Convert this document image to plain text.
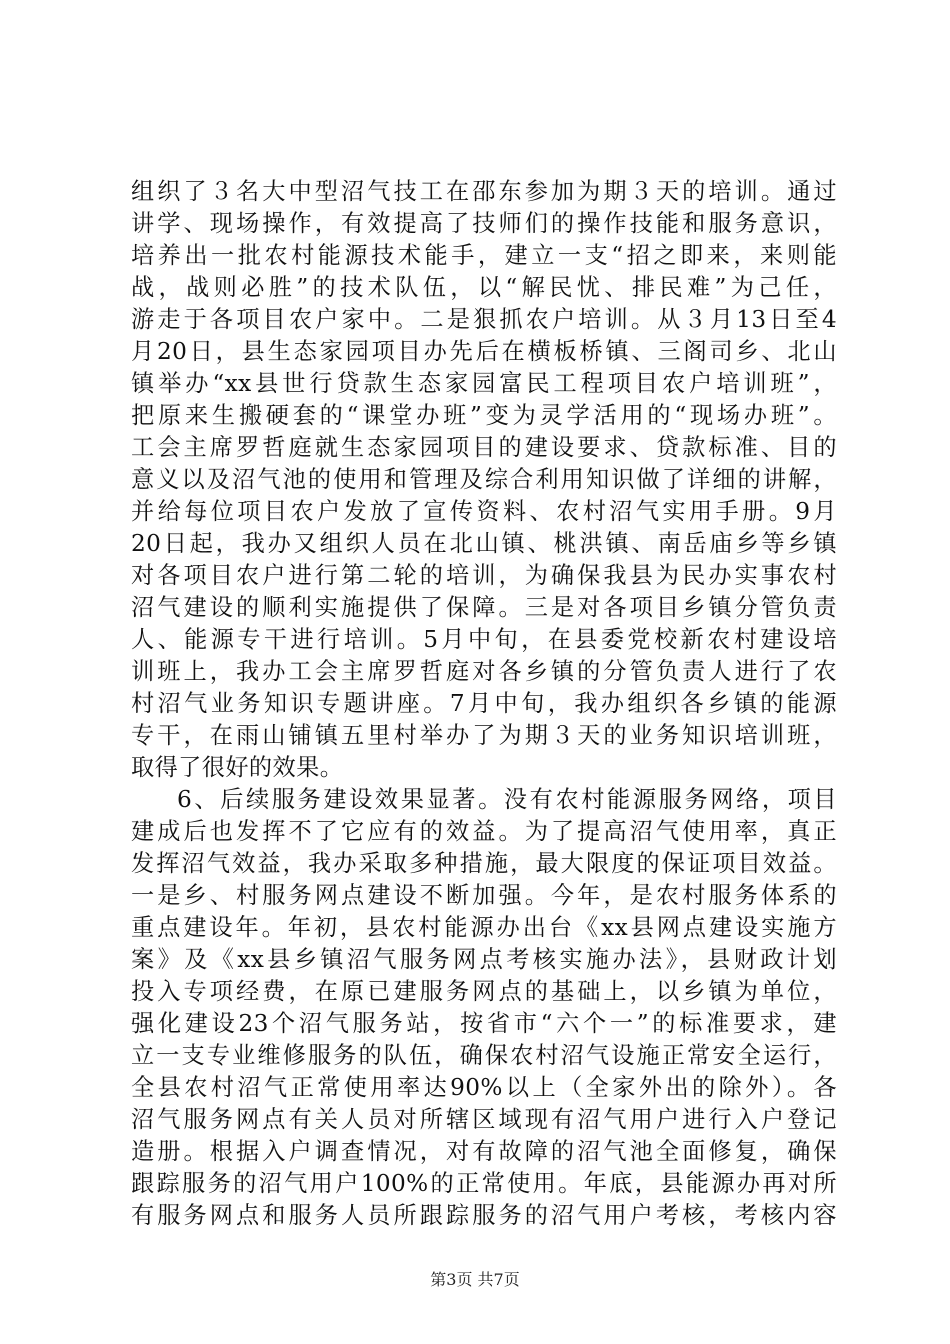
组织了３名大中型沼气技工在邵东参加为期３天的培训。通过
讲学、现场操作，有效提高了技师们的操作技能和服务意识，
培养出一批农村能源技术能手，建立一支“招之即来，来则能
战，战则必胜”的技术队伍，以“解民忧、排民难”为己任，
游走于各项目农户家中。二是狠抓农户培训。从３月13日至4
月20日，县生态家园项目办先后在横板桥镇、三阁司乡、北山
镇举办“xx县世行贷款生态家园富民工程项目农户培训班”，
把原来生搬硬套的“课堂办班”变为灵学活用的“现场办班”。
工会主席罗哲庭就生态家园项目的建设要求、贷款标准、目的
意义以及沼气池的使用和管理及综合利用知识做了详细的讲解，
并给每位项目农户发放了宣传资料、农村沼气实用手册。9月
20日起，我办又组织人员在北山镇、桃洪镇、南岳庙乡等乡镇
对各项目农户进行第二轮的培训，为确保我县为民办实事农村
沼气建设的顺利实施提供了保障。三是对各项目乡镇分管负责
人、能源专干进行培训。5月中旬，在县委党校新农村建设培
训班上，我办工会主席罗哲庭对各乡镇的分管负责人进行了农
村沼气业务知识专题讲座。7月中旬，我办组织各乡镇的能源
专干，在雨山铺镇五里村举办了为期３天的业务知识培训班，
取得了很好的效果。
6、后续服务建设效果显著。没有农村能源服务网络，项目
建成后也发挥不了它应有的效益。为了提高沼气使用率，真正
发挥沼气效益，我办采取多种措施，最大限度的保证项目效益。
一是乡、村服务网点建设不断加强。今年，是农村服务体系的
重点建设年。年初，县农村能源办出台《xx县网点建设实施方
案》及《xx县乡镇沼气服务网点考核实施办法》，县财政计划
投入专项经费，在原已建服务网点的基础上，以乡镇为单位，
强化建设23个沼气服务站，按省市“六个一”的标准要求，建
立一支专业维修服务的队伍，确保农村沼气设施正常安全运行，
全县农村沼气正常使用率达90%以上（全家外出的除外）。各
沼气服务网点有关人员对所辖区域现有沼气用户进行入户登记
造册。根据入户调查情况，对有故障的沼气池全面修复，确保
跟踪服务的沼气用户100%的正常使用。年底，县能源办再对所
有服务网点和服务人员所跟踪服务的沼气用户考核，考核内容
第3页 共7页
